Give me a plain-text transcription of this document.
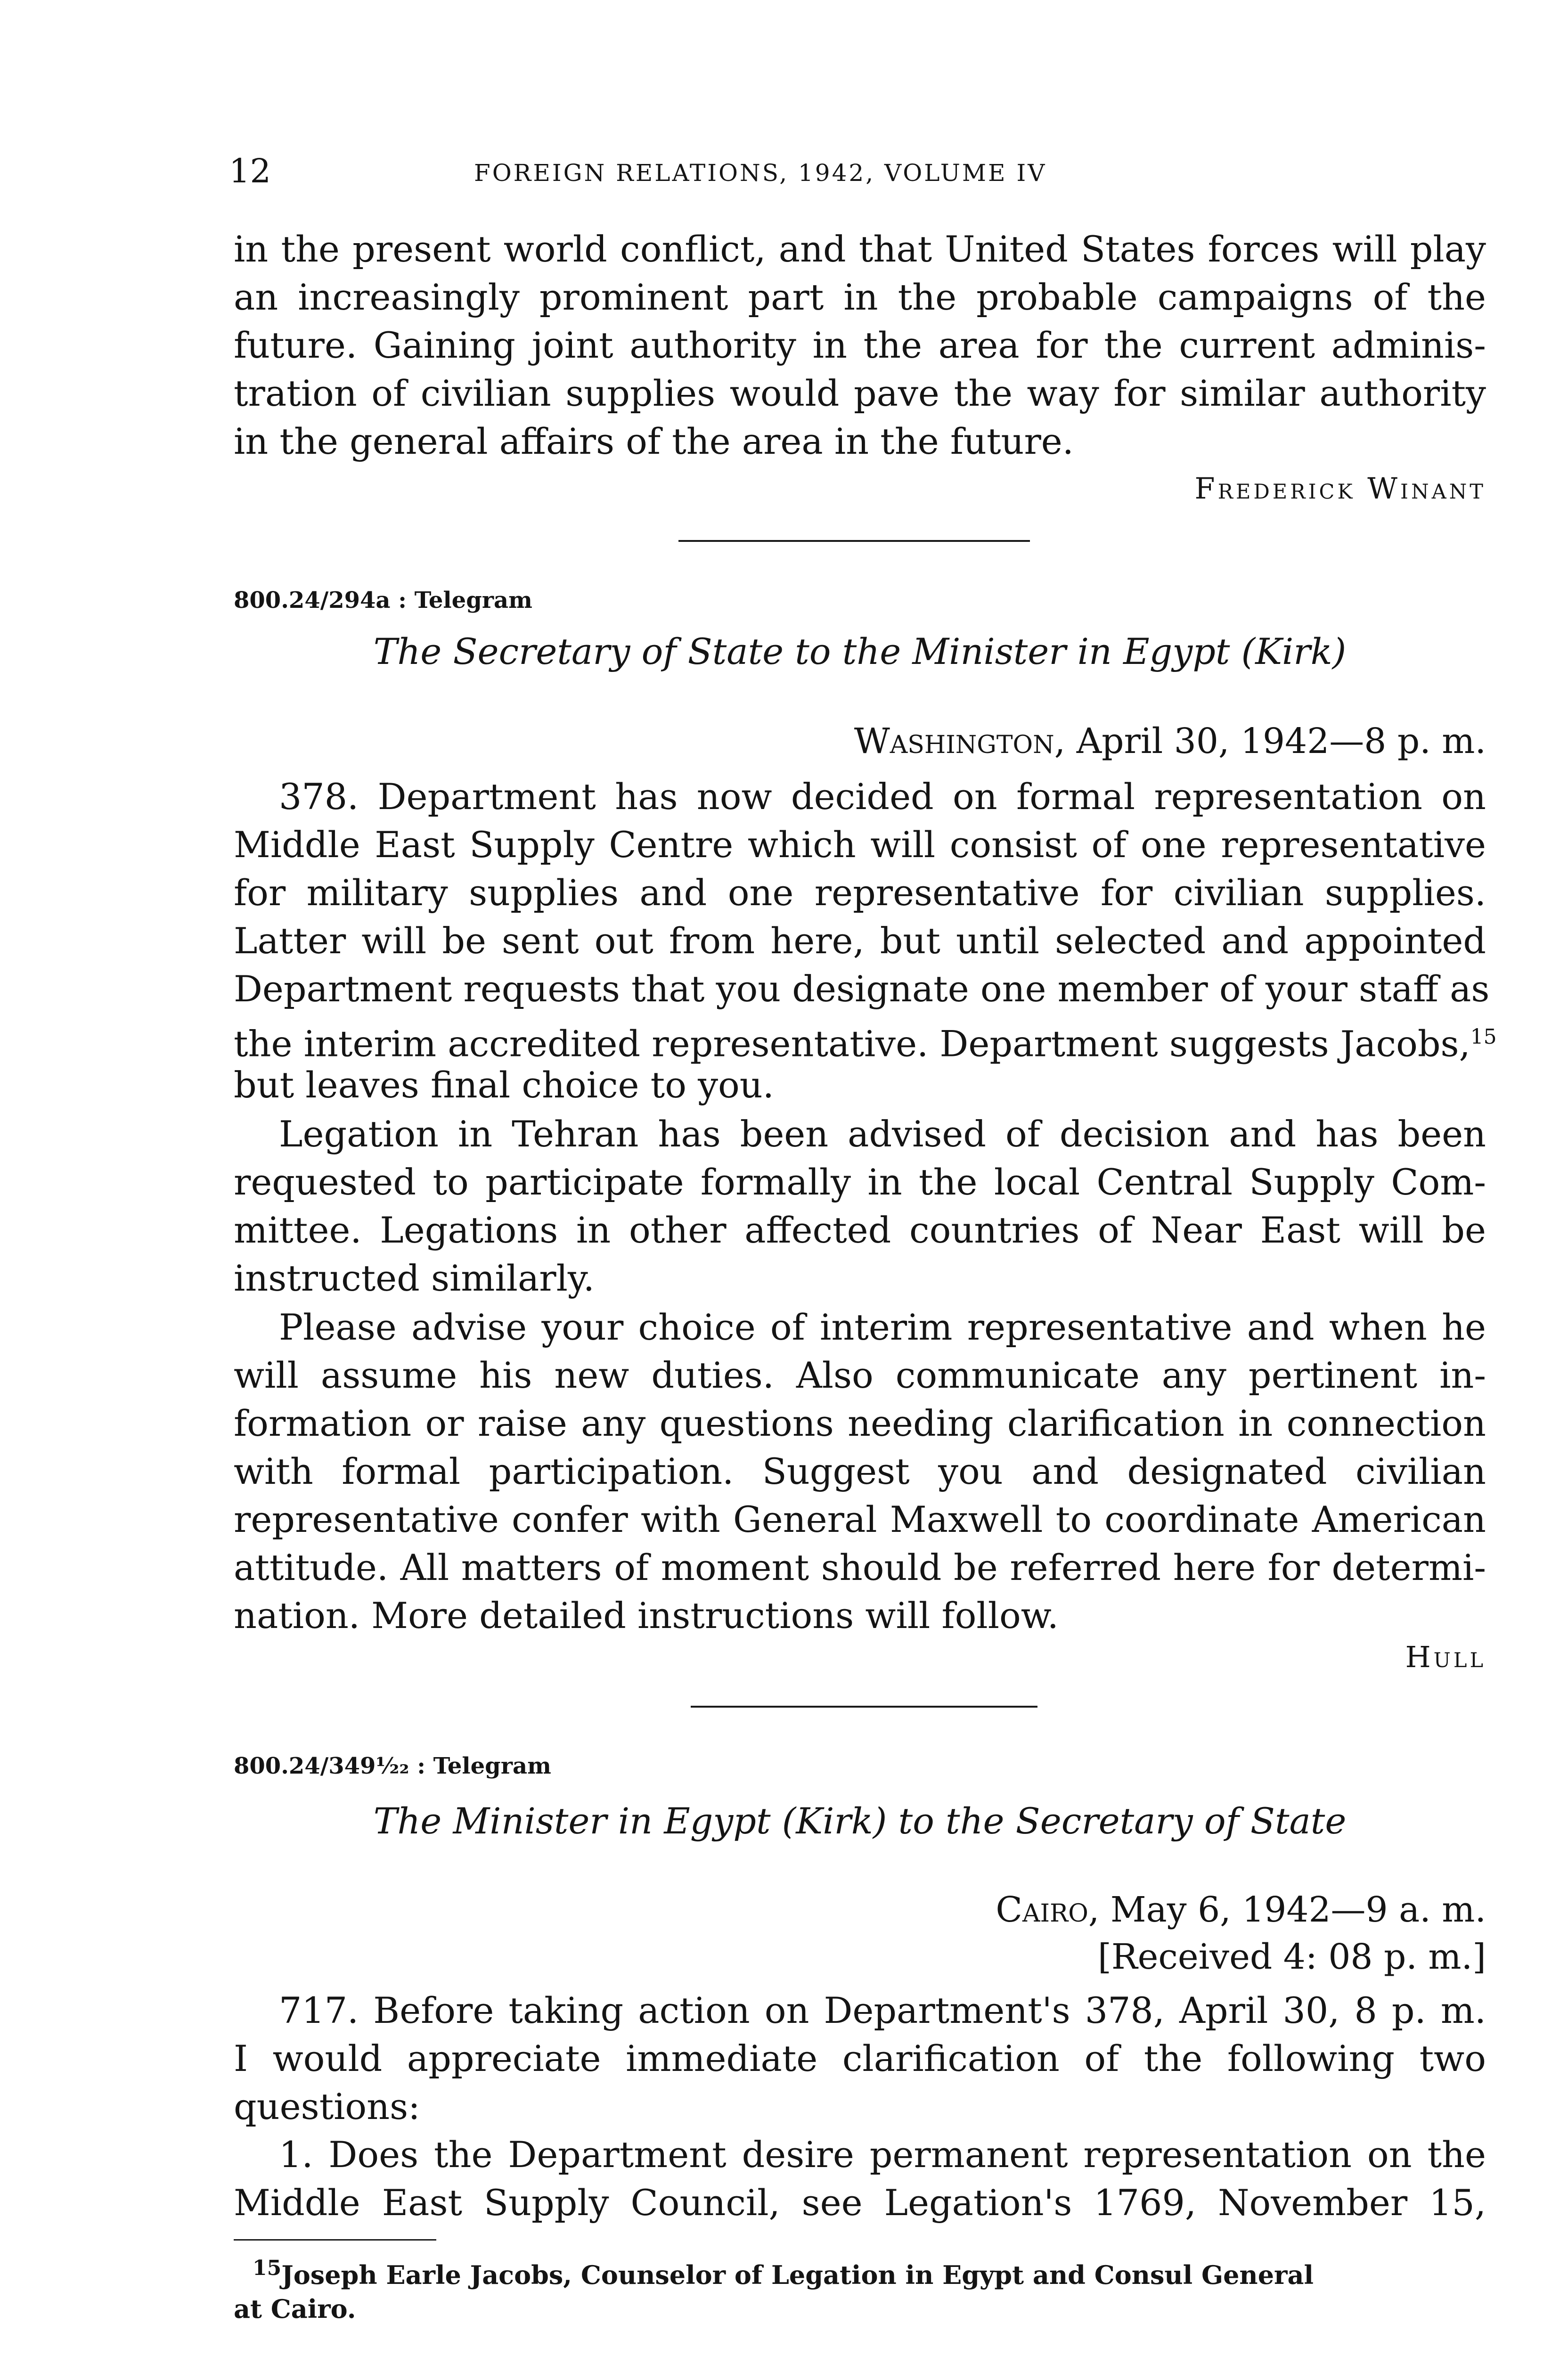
12	FOREIGN RELATIONS, 1942, VOLUME IV
in the present world conflict, and that United States forces will play
an increasingly prominent part in the probable campaigns of the
future. Gaining joint authority in the area for the current adminis-
tration of civilian supplies would pave the way for similar authority
in the general affairs of the area in the future.
Frederick Winant
800.24/294a : Telegram
The Secretary of State to the Minister in Egypt (Kirk)
Washington, April 30, 1942—8 p. m.
378. Department has now decided on formal representation on
Middle East Supply Centre which will consist of one representative
for military supplies and one representative for civilian supplies.
Latter will be sent out from here, but until selected and appointed
Department requests that you designate one member of your staff as
the interim accredited representative. Department suggests Jacobs,$^{15}$
but leaves final choice to you.
Legation in Tehran has been advised of decision and has been
requested to participate formally in the local Central Supply Com-
mittee. Legations in other affected countries of Near East will be
instructed similarly.
Please advise your choice of interim representative and when he
will assume his new duties. Also communicate any pertinent in-
formation or raise any questions needing clarification in connection
with formal participation. Suggest you and designated civilian
representative confer with General Maxwell to coordinate American
attitude. All matters of moment should be referred here for determi-
nation. More detailed instructions will follow.
Hull
800.24/349½₂ : Telegram
The Minister in Egypt (Kirk) to the Secretary of State
Cairo, May 6, 1942—9 a. m.
[Received 4: 08 p. m.]
717. Before taking action on Department's 378, April 30, 8 p. m.
I would appreciate immediate clarification of the following two
questions:
1. Does the Department desire permanent representation on the
Middle East Supply Council, see Legation's 1769, November 15,
$^{15}$Joseph Earle Jacobs, Counselor of Legation in Egypt and Consul General
at Cairo.
